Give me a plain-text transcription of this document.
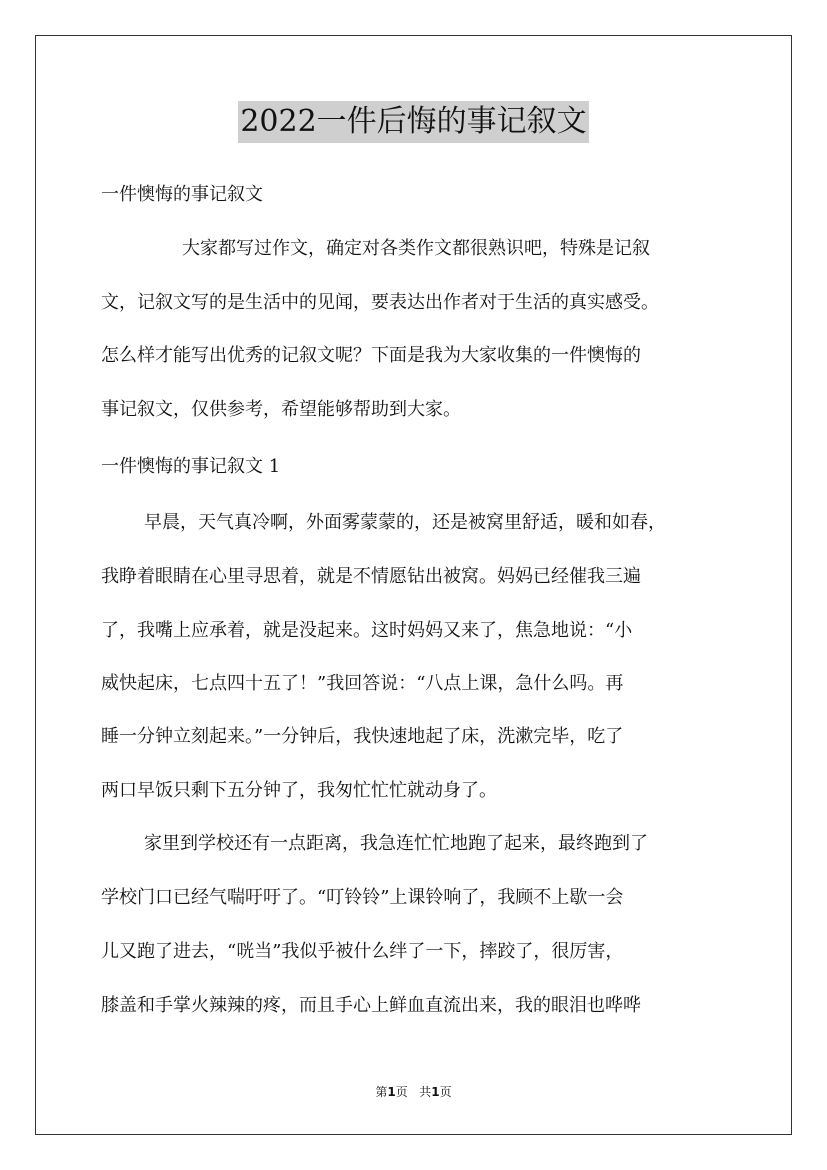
2022一件后悔的事记叙文
一件懊悔的事记叙文
大家都写过作文，确定对各类作文都很熟识吧，特殊是记叙
文，记叙文写的是生活中的见闻，要表达出作者对于生活的真实感受。
怎么样才能写出优秀的记叙文呢？下面是我为大家收集的一件懊悔的
事记叙文，仅供参考，希望能够帮助到大家。
一件懊悔的事记叙文 1
早晨，天气真冷啊，外面雾蒙蒙的，还是被窝里舒适，暖和如春，
我睁着眼睛在心里寻思着，就是不情愿钻出被窝。妈妈已经催我三遍
了，我嘴上应承着，就是没起来。这时妈妈又来了，焦急地说：“小
威快起床，七点四十五了！”我回答说：“八点上课，急什么吗。再
睡一分钟立刻起来。”一分钟后，我快速地起了床，洗漱完毕，吃了
两口早饭只剩下五分钟了，我匆忙忙忙就动身了。
家里到学校还有一点距离，我急连忙忙地跑了起来，最终跑到了
学校门口已经气喘吁吁了。“叮铃铃”上课铃响了，我顾不上歇一会
儿又跑了进去，“咣当”我似乎被什么绊了一下，摔跤了，很厉害，
膝盖和手掌火辣辣的疼，而且手心上鲜血直流出来，我的眼泪也哗哗
第1页 共1页
